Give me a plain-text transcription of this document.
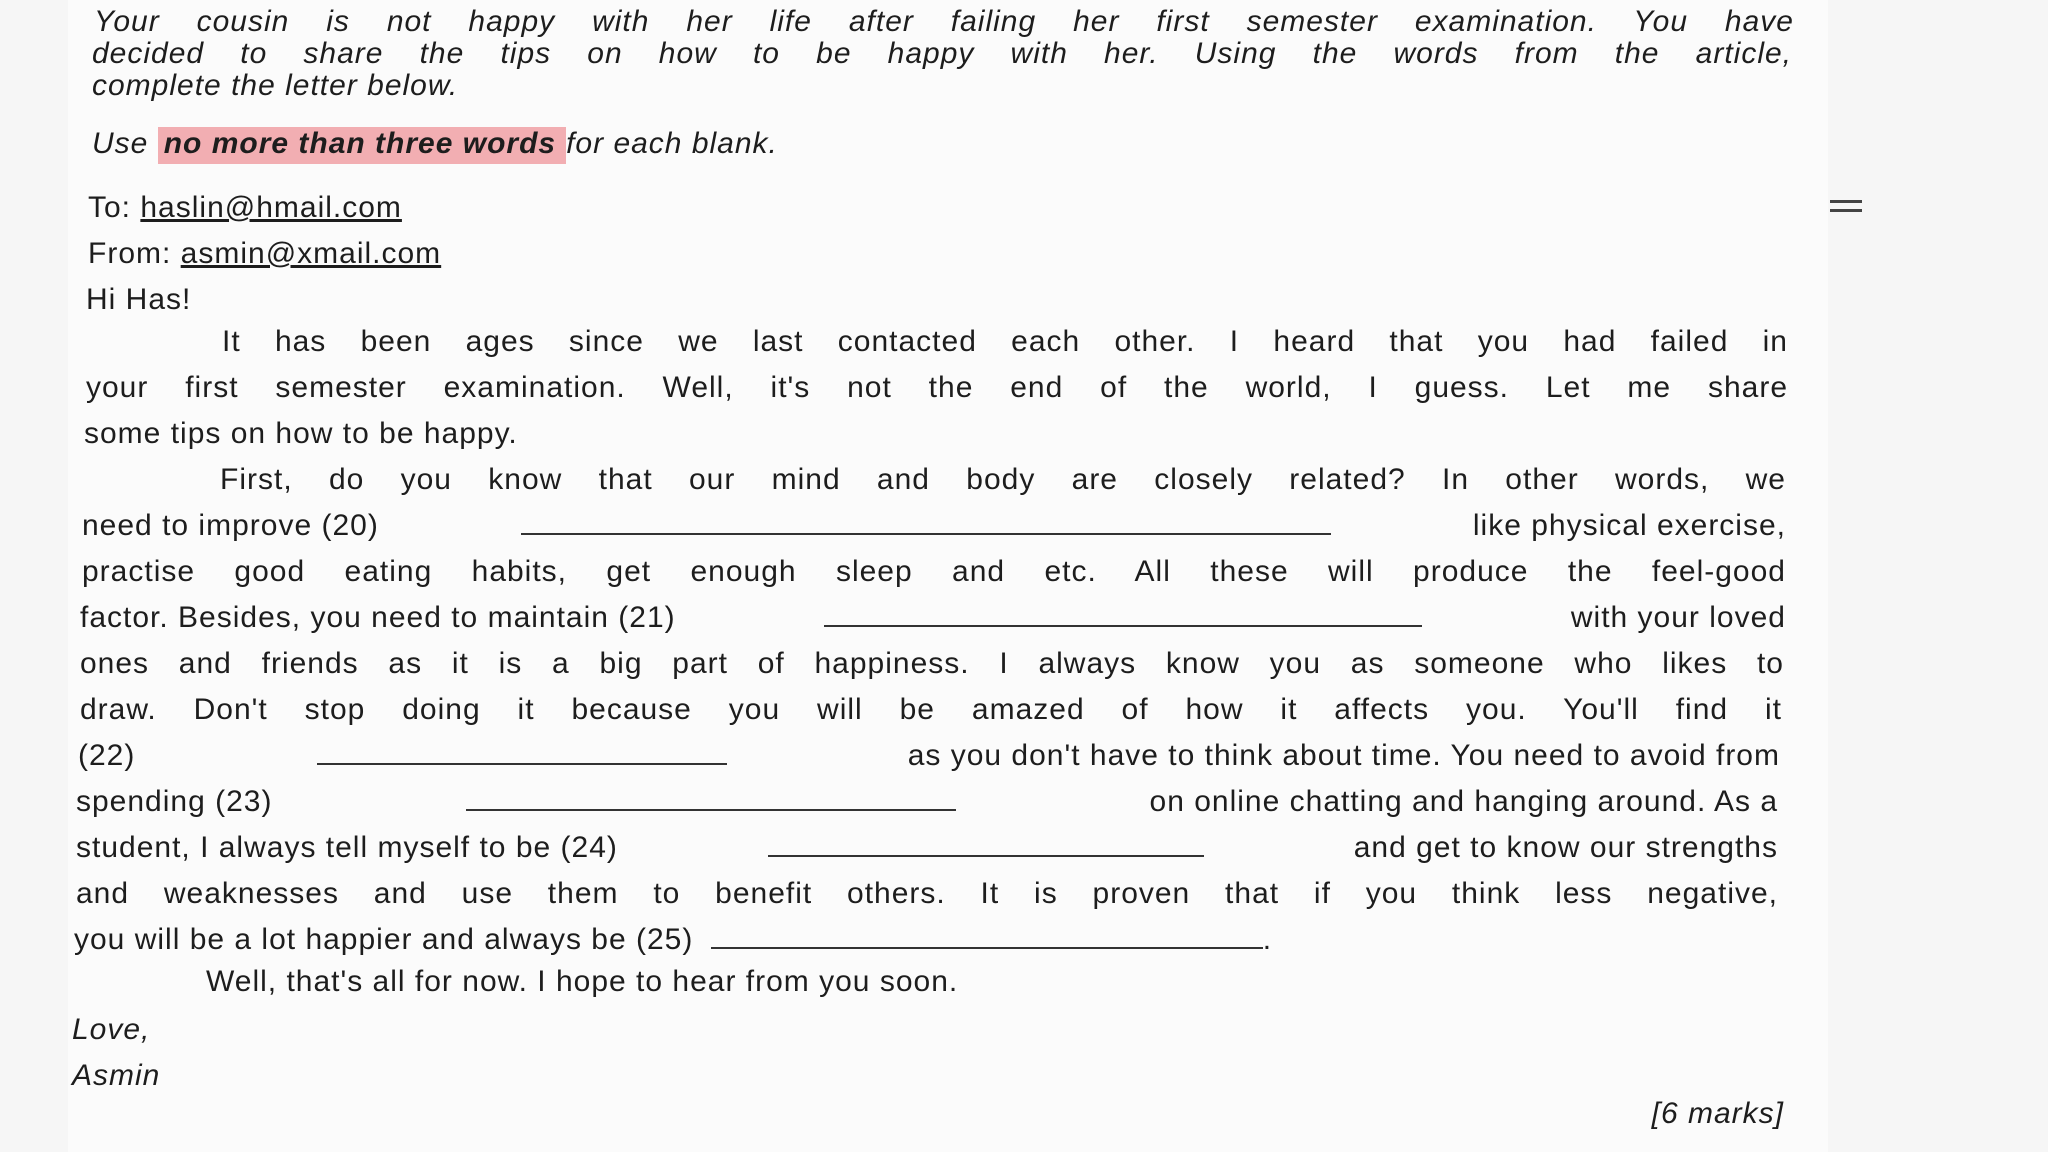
Your cousin is not happy with her life after failing her first semester examination. You have
decided to share the tips on how to be happy with her. Using the words from the article,
complete the letter below.
Use no more than three words for each blank.
To: haslin@hmail.com
From: asmin@xmail.com
Hi Has!
It has been ages since we last contacted each other. I heard that you had failed in
your first semester examination. Well, it's not the end of the world, I guess. Let me share
some tips on how to be happy.
First, do you know that our mind and body are closely related? In other words, we
need to improve (20)	like physical exercise,
practise good eating habits, get enough sleep and etc. All these will produce the feel-good
factor. Besides, you need to maintain (21)	with your loved
ones and friends as it is a big part of happiness. I always know you as someone who likes to
draw. Don't stop doing it because you will be amazed of how it affects you. You'll find it
(22)	as you don't have to think about time. You need to avoid from
spending (23)	on online chatting and hanging around. As a
student, I always tell myself to be (24)	and get to know our strengths
and weaknesses and use them to benefit others. It is proven that if you think less negative,
you will be a lot happier and always be (25)	.
Well, that's all for now. I hope to hear from you soon.
Love,
Asmin
[6 marks]
